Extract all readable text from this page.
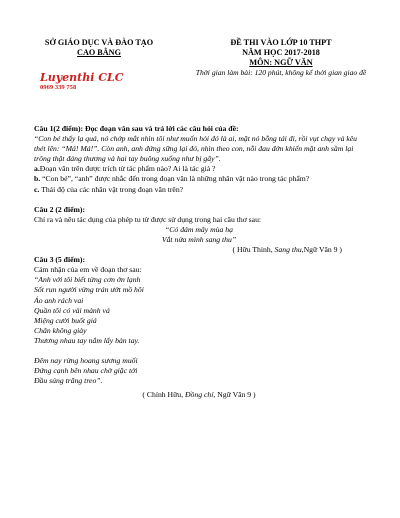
SỞ GIÁO DỤC VÀ ĐÀO TẠO
CAO BẰNG
ĐỀ THI VÀO LỚP 10 THPT
NĂM HỌC 2017-2018
MÔN: NGỮ VĂN
Thời gian làm bài: 120 phút, không kể thời gian giao đề
Luyenthi CLC
0969 339 758

Câu 1(2 điểm): Đọc đoạn văn sau và trả lời các câu hỏi của đề:

“Con bé thấy lạ quá, nó chớp mắt nhìn tôi như muốn hỏi đó là ai, mặt nó bỗng tái đi, rồi vụt chạy và kêu thét lên: “Má! Má!”. Còn anh, anh đứng sững lại đó, nhìn theo con, nỗi đau đớn khiến mặt anh sầm lại trông thật đáng thương và hai tay buông xuống như bị gãy”.

a.Đoạn văn trên được trích từ tác phẩm nào? Ai là tác giả ?

b. “Con bé”, “anh” được nhắc đến trong đoạn văn là những nhân vật nào trong tác phẩm?

c. Thái độ của các nhân vật trong đoạn văn trên?

Câu 2 (2 điểm):

Chỉ ra và nêu tác dụng của phép tu từ được sử dụng trong hai câu thơ sau:

“Có đám mây mùa hạ

Vắt nửa mình sang thu”

( Hữu Thỉnh, Sang thu,Ngữ Văn 9 )

Câu 3 (5 điểm):

Cảm nhận của em về đoạn thơ sau:

“Anh với tôi biết từng cơn ớn lạnh

Sốt run người vừng trán ướt mồ hôi

Áo anh rách vai

Quần tôi có vài mảnh vá

Miệng cười buốt giá

Chân không giày

Thương nhau tay nắm lấy bàn tay.

Đêm nay rừng hoang sương muối

Đứng cạnh bên nhau chờ giặc tới

Đầu súng trăng treo”.

( Chính Hữu, Đồng chí, Ngữ Văn 9 )
